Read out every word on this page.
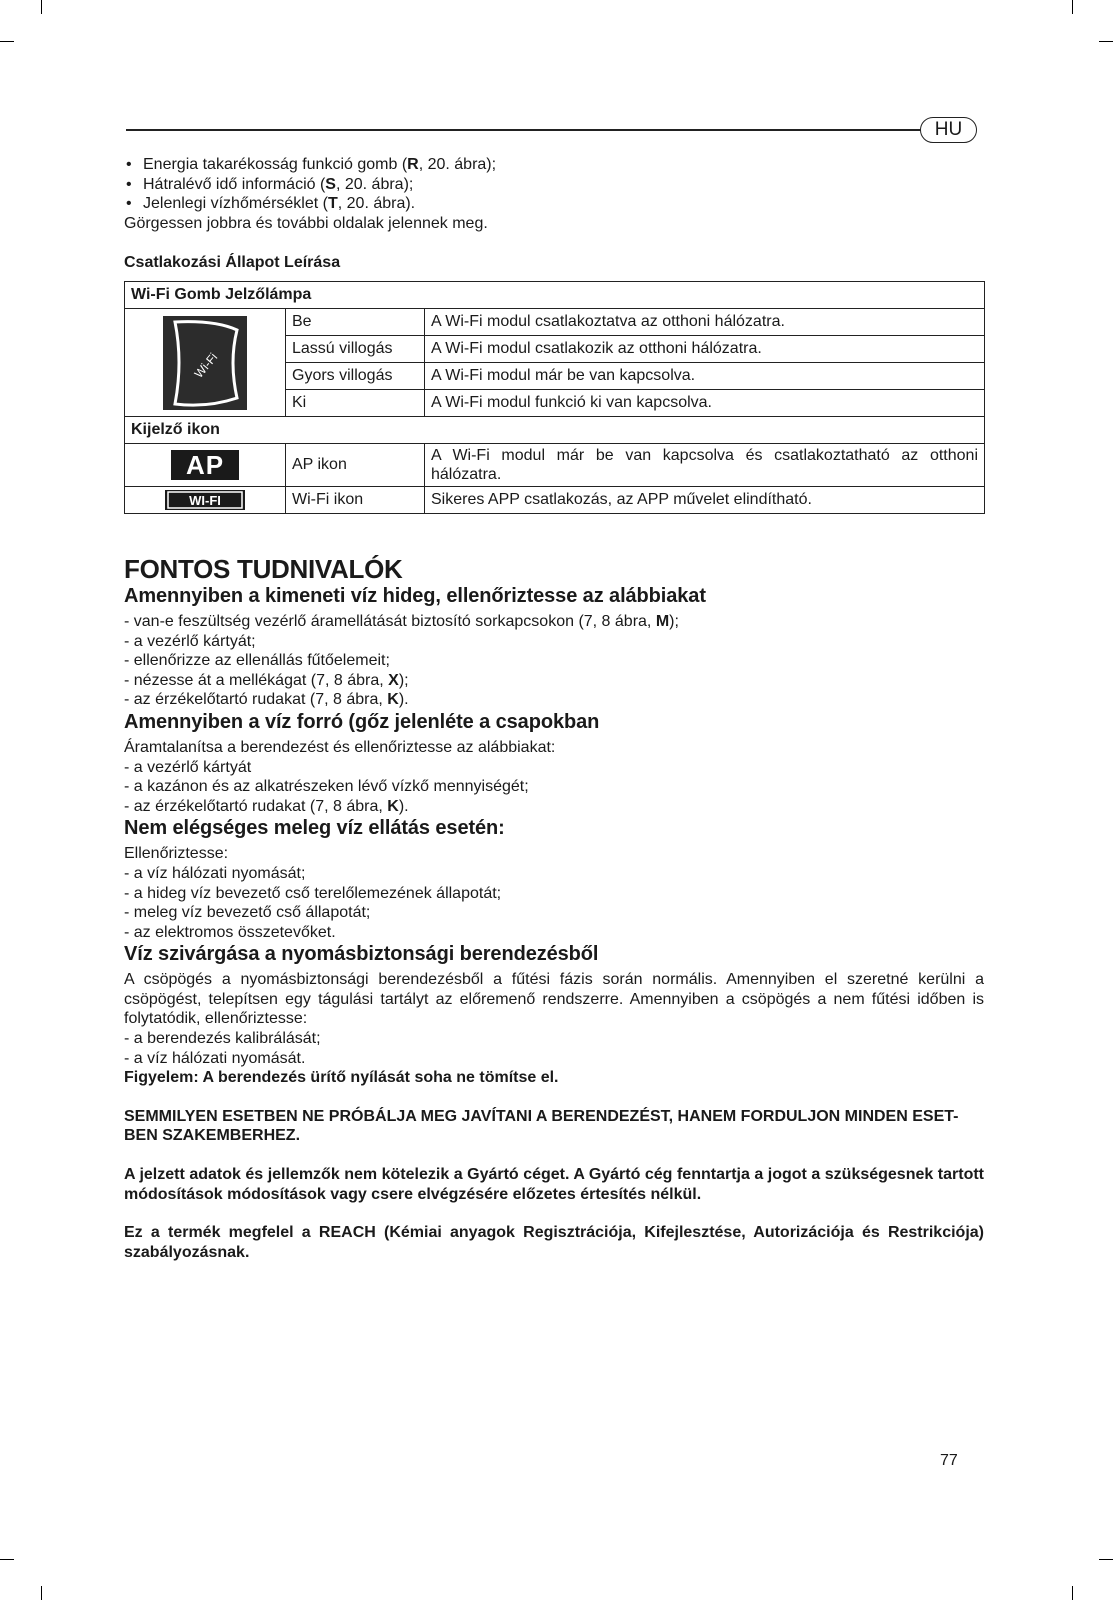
HU
• Energia takarékosság funkció gomb (R, 20. ábra);
• Hátralévő idő információ (S, 20. ábra);
• Jelenlegi vízhőmérséklet (T, 20. ábra).
Görgessen jobbra és további oldalak jelennek meg.
Csatlakozási Állapot Leírása
Wi-Fi Gomb Jelzőlámpa		

Wi-Fi	Be	A Wi-Fi modul csatlakoztatva az otthoni hálózatra.
	Lassú villogás	A Wi-Fi modul csatlakozik az otthoni hálózatra.
	Gyors villogás	A Wi-Fi modul már be van kapcsolva.
	Ki	A Wi-Fi modul funkció ki van kapcsolva.
Kijelző ikon		
AP	AP ikon	A Wi-Fi modul már be van kapcsolva és csatlakoztatható az otthoni hálózatra.

WI-FI	Wi-Fi ikon	Sikeres APP csatlakozás, az APP művelet elindítható.
FONTOS TUDNIVALÓK
Amennyiben a kimeneti víz hideg, ellenőriztesse az alábbiakat
- van-e feszültség vezérlő áramellátását biztosító sorkapcsokon (7, 8 ábra, M);
- a vezérlő kártyát;
- ellenőrizze az ellenállás fűtőelemeit;
- nézesse át a mellékágat (7, 8 ábra, X);
- az érzékelőtartó rudakat (7, 8 ábra, K).
Amennyiben a víz forró (gőz jelenléte a csapokban
Áramtalanítsa a berendezést és ellenőriztesse az alábbiakat:
- a vezérlő kártyát
- a kazánon és az alkatrészeken lévő vízkő mennyiségét;
- az érzékelőtartó rudakat (7, 8 ábra, K).
Nem elégséges meleg víz ellátás esetén:
Ellenőriztesse:
- a víz hálózati nyomását;
- a hideg víz bevezető cső terelőlemezének állapotát;
- meleg víz bevezető cső állapotát;
- az elektromos összetevőket.
Víz szivárgása a nyomásbiztonsági berendezésből

A csöpögés a nyomásbiztonsági berendezésből a fűtési fázis során normális. Amennyiben el szeretné kerülni a csöpögést, telepítsen egy tágulási tartályt az előremenő rendszerre. Amennyiben a csöpögés a nem fűtési időben is folytatódik, ellenőriztesse:

- a berendezés kalibrálását;
- a víz hálózati nyomását.
Figyelem: A berendezés ürítő nyílását soha ne tömítse el.

SEMMILYEN ESETBEN NE PRÓBÁLJA MEG JAVÍTANI A BERENDEZÉST, HANEM FORDULJON MINDEN ESET-BEN SZAKEMBERHEZ.

A jelzett adatok és jellemzők nem kötelezik a Gyártó céget. A Gyártó cég fenntartja a jogot a szükségesnek tartott módosítások módosítások vagy csere elvégzésére előzetes értesítés nélkül.

Ez a termék megfelel a REACH (Kémiai anyagok Regisztrációja, Kifejlesztése, Autorizációja és Restrikciója) szabályozásnak.

77
